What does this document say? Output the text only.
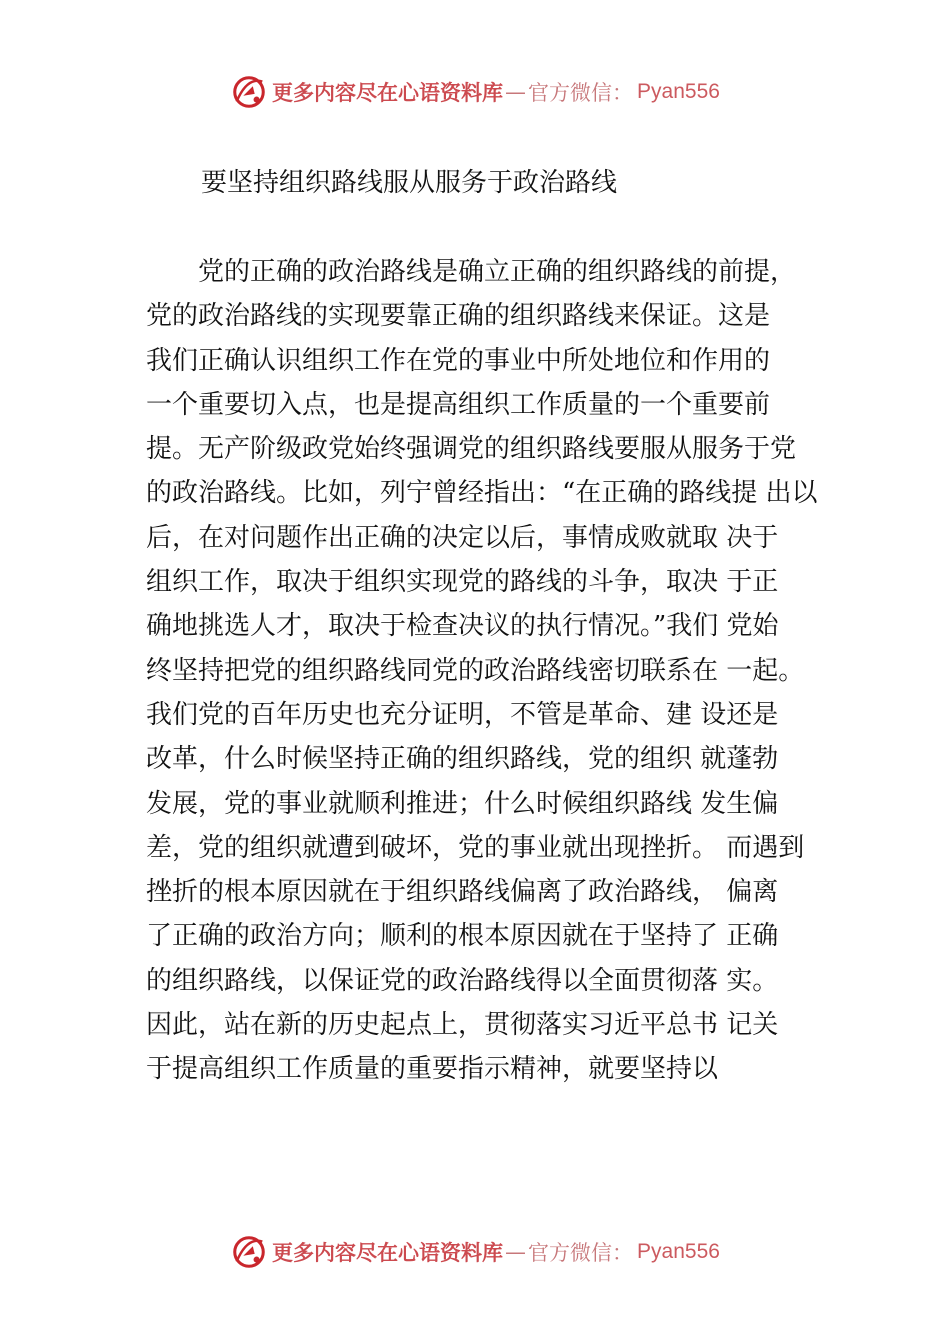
更多内容尽在心语资料库 — 官方微信： Pyan556
要坚持组织路线服从服务于政治路线
　　党的正确的政治路线是确立正确的组织路线的前提，
党的政治路线的实现要靠正确的组织路线来保证。这是
我们正确认识组织工作在党的事业中所处地位和作用的
一个重要切入点，也是提高组织工作质量的一个重要前
提。无产阶级政党始终强调党的组织路线要服从服务于党
的政治路线。比如，列宁曾经指出：“在正确的路线提 出以
后，在对问题作出正确的决定以后，事情成败就取 决于
组织工作，取决于组织实现党的路线的斗争，取决 于正
确地挑选人才，取决于检查决议的执行情况。”我们 党始
终坚持把党的组织路线同党的政治路线密切联系在 一起。
我们党的百年历史也充分证明，不管是革命、建 设还是
改革，什么时候坚持正确的组织路线，党的组织 就蓬勃
发展，党的事业就顺利推进；什么时候组织路线 发生偏
差，党的组织就遭到破坏，党的事业就出现挫折。 而遇到
挫折的根本原因就在于组织路线偏离了政治路线， 偏离
了正确的政治方向；顺利的根本原因就在于坚持了 正确
的组织路线，以保证党的政治路线得以全面贯彻落 实。
因此，站在新的历史起点上，贯彻落实习近平总书 记关
于提高组织工作质量的重要指示精神，就要坚持以
更多内容尽在心语资料库 — 官方微信： Pyan556
